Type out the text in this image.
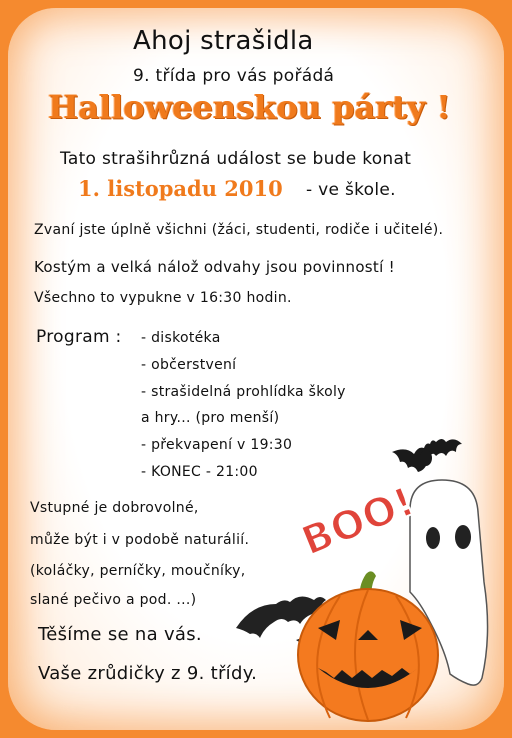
Ahoj strašidla
9. třída pro vás pořádá
Halloweenskou párty !
Tato strašihrůzná událost se bude konat
1. listopadu 2010 - ve škole.
Zvaní jste úplně všichni (žáci, studenti, rodiče i učitelé).
Kostým a velká nálož odvahy jsou povinností !
Všechno to vypukne v 16:30 hodin.
Program : - diskotéka
- občerstvení
- strašidelná prohlídka školy
a hry... (pro menší)
- překvapení v 19:30
- KONEC - 21:00
Vstupné je dobrovolné,
může být i v podobě naturálií.
(koláčky, perníčky, moučníky,
slané pečivo a pod. ...)
Těšíme se na vás.
Vaše zrůdičky z 9. třídy.
BOO!
